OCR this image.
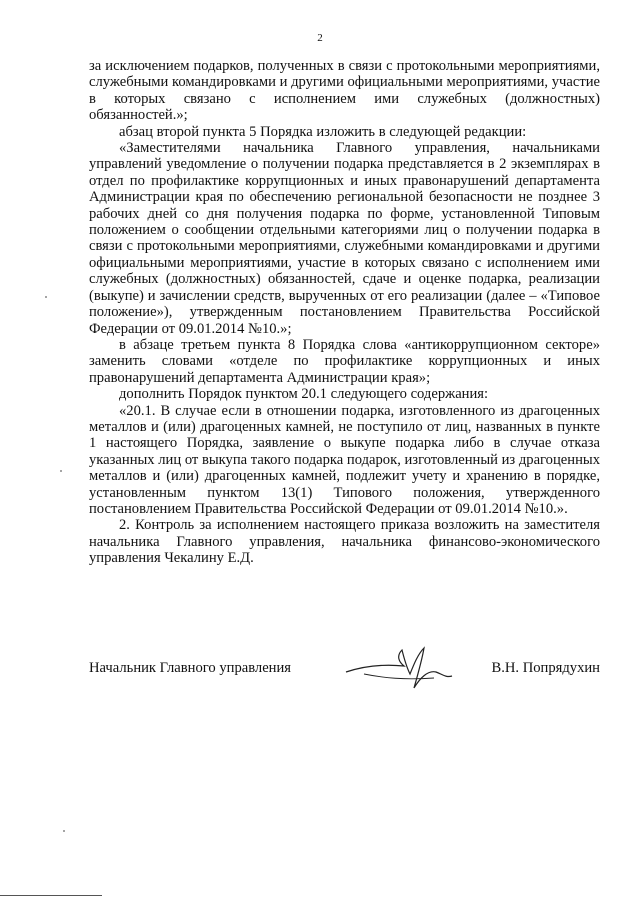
2

за исключением подарков, полученных в связи с протокольными мероприятиями, служебными командировками и другими официальными мероприятиями, участие в которых связано с исполнением ими служебных (должностных) обязанностей.»;

абзац второй пункта 5 Порядка изложить в следующей редакции:

«Заместителями начальника Главного управления, начальниками управлений уведомление о получении подарка представляется в 2 экземплярах в отдел по профилактике коррупционных и иных правонарушений департамента Администрации края по обеспечению региональной безопасности не позднее 3 рабочих дней со дня получения подарка по форме, установленной Типовым положением о сообщении отдельными категориями лиц о получении подарка в связи с протокольными мероприятиями, служебными командировками и другими официальными мероприятиями, участие в которых связано с исполнением ими служебных (должностных) обязанностей, сдаче и оценке подарка, реализации (выкупе) и зачислении средств, вырученных от его реализации (далее – «Типовое положение»), утвержденным постановлением Правительства Российской Федерации от 09.01.2014 №10.»;

в абзаце третьем пункта 8 Порядка слова «антикоррупционном секторе» заменить словами «отделе по профилактике коррупционных и иных правонарушений департамента Администрации края»;

дополнить Порядок пунктом 20.1 следующего содержания:

«20.1. В случае если в отношении подарка, изготовленного из драгоценных металлов и (или) драгоценных камней, не поступило от лиц, названных в пункте 1 настоящего Порядка, заявление о выкупе подарка либо в случае отказа указанных лиц от выкупа такого подарка подарок, изготовленный из драгоценных металлов и (или) драгоценных камней, подлежит учету и хранению в порядке, установленным пунктом 13(1) Типового положения, утвержденного постановлением Правительства Российской Федерации от 09.01.2014 №10.».

2. Контроль за исполнением настоящего приказа возложить на заместителя начальника Главного управления, начальника финансово-экономического управления Чекалину Е.Д.

Начальник Главного управления	В.Н. Попрядухин
